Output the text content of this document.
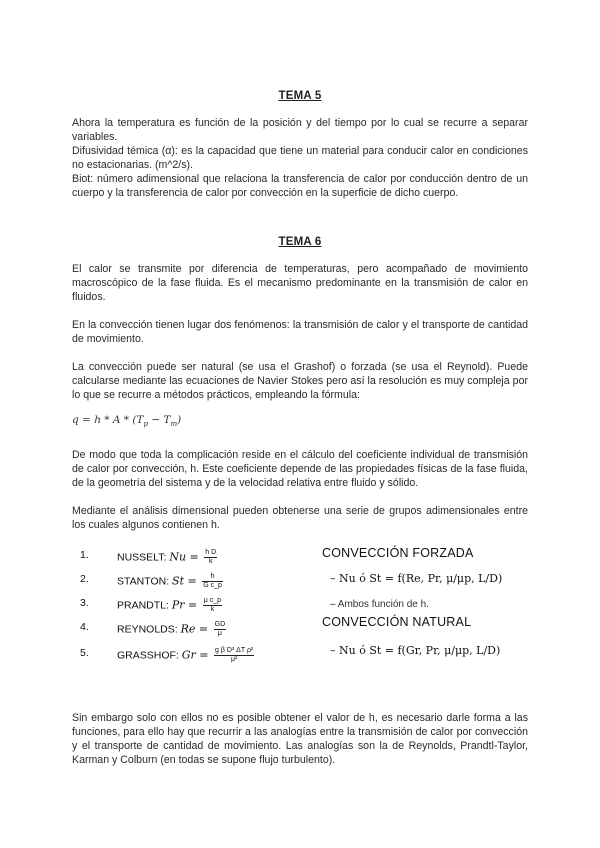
TEMA 5

Ahora la temperatura es función de la posición y del tiempo por lo cual se recurre a separar variables.

Difusividad témica (α): es la capacidad que tiene un material para conducir calor en condiciones no estacionarias. (m^2/s).

Biot: número adimensional que relaciona la transferencia de calor por conducción dentro de un cuerpo y la transferencia de calor por convección en la superficie de dicho cuerpo.

TEMA 6
El calor se transmite por diferencia de temperaturas, pero acompañado de movimiento macroscópico de la fase fluida. Es el mecanismo predominante en la transmisión de calor en fluidos.
En la convección tienen lugar dos fenómenos: la transmisión de calor y el transporte de cantidad de movimiento.
La convección puede ser natural (se usa el Grashof) o forzada (se usa el Reynold). Puede calcularse mediante las ecuaciones de Navier Stokes pero así la resolución es muy compleja por lo que se recurre a métodos prácticos, empleando la fórmula:
$q = h * A * (T_p - T_m)$
De modo que toda la complicación reside en el cálculo del coeficiente individual de transmisión de calor por convección, h. Este coeficiente depende de las propiedades físicas de la fase fluida, de la geometría del sistema y de la velocidad relativa entre fluido y sólido.
Mediante el análisis dimensional pueden obtenerse una serie de grupos adimensionales entre los cuales algunos contienen h.
1.	NUSSELT: $Nu = \frac{\text{h D}}{k}$
2.	STANTON: $St = \frac{h}{\text{G c\_p}}$
3.	PRANDTL: $Pr = \frac{\text{μ c\_p}}{k}$
4.	REYNOLDS: $Re = \frac{GD}{\mu}$
5.	GRASSHOF: $Gr = \frac{\text{g β D³ ΔT ρ²}}{\text{μ²}}$
CONVECCIÓN FORZADA
– Nu ó St = f(Re, Pr, μ/μp, L/D)
– Ambos función de h.
CONVECCIÓN NATURAL
– Nu ó St = f(Gr, Pr, μ/μp, L/D)
Sin embargo solo con ellos no es posible obtener el valor de h, es necesario darle forma a las funciones, para ello hay que recurrir a las analogías entre la transmisión de calor por convección y el transporte de cantidad de movimiento. Las analogías son la de Reynolds, Prandtl-Taylor, Karman y Colburn (en todas se supone flujo turbulento).
